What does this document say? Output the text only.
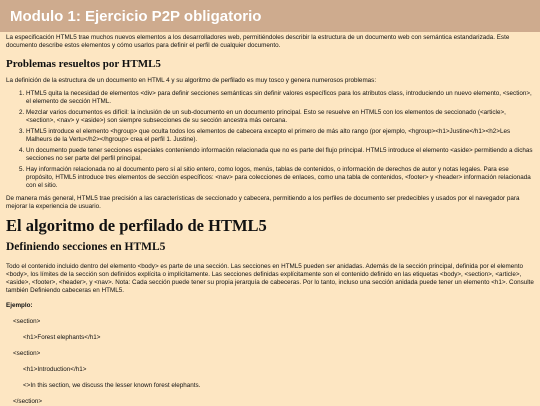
Modulo 1: Ejercicio P2P obligatorio

La especificación HTML5 trae muchos nuevos elementos a los desarrolladores web, permitiéndoles describir la estructura de un documento web con semántica estandarizada. Este documento describe estos elementos y cómo usarlos para definir el perfil de cualquier documento.

Problemas resueltos por HTML5

La definición de la estructura de un documento en HTML 4 y su algoritmo de perfilado es muy tosco y genera numerosos problemas:

1. HTML5 quita la necesidad de elementos <div> para definir secciones semánticas sin definir valores específicos para los atributos class, introduciendo un nuevo elemento, <section>, el elemento de sección HTML.
2. Mezclar varios documentos es difícil: la inclusión de un sub-documento en un documento principal. Esto se resuelve en HTML5 con los elementos de seccionado (<article>, <section>, <nav> y <aside>) son siempre subsecciones de su sección ancestra más cercana.
3. HTML5 introduce el elemento <hgroup> que oculta todos los elementos de cabecera excepto el primero de más alto rango (por ejemplo, <hgroup><h1>Justine</h1><h2>Les Malheurs de la Vertu</h2></hgroup> crea el perfil 1. Justine).
4. Un documento puede tener secciones especiales conteniendo información relacionada que no es parte del flujo principal. HTML5 introduce el elemento <aside> permitiendo a dichas secciones no ser parte del perfil principal.
5. Hay información relacionada no al documento pero sí al sitio entero, como logos, menús, tablas de contenidos, o información de derechos de autor y notas legales. Para ese propósito, HTML5 introduce tres elementos de sección específicos: <nav> para colecciones de enlaces, como una tabla de contenidos, <footer> y <header> información relacionada con el sitio.

De manera más general, HTML5 trae precisión a las características de seccionado y cabecera, permitiendo a los perfiles de documento ser predecibles y usados por el navegador para mejorar la experiencia de usuario.

El algoritmo de perfilado de HTML5
Definiendo secciones en HTML5

Todo el contenido incluido dentro del elemento <body> es parte de una sección. Las secciones en HTML5 pueden ser anidadas. Además de la sección principal, definida por el elemento <body>, los límites de la sección son definidos explícita o implícitamente. Las secciones definidas explícitamente son el contenido definido en las etiquetas <body>, <section>, <article>, <aside>, <footer>, <header>, y <nav>. Nota: Cada sección puede tener su propia jerarquía de cabeceras. Por lo tanto, incluso una sección anidada puede tener un elemento <h1>. Consulte también Definiendo cabeceras en HTML5.

Ejemplo:
<section>
<h1>Forest elephants</h1>
<section>
<h1>Introduction</h1>
<>In this section, we discuss the lesser known forest elephants.
</section>
